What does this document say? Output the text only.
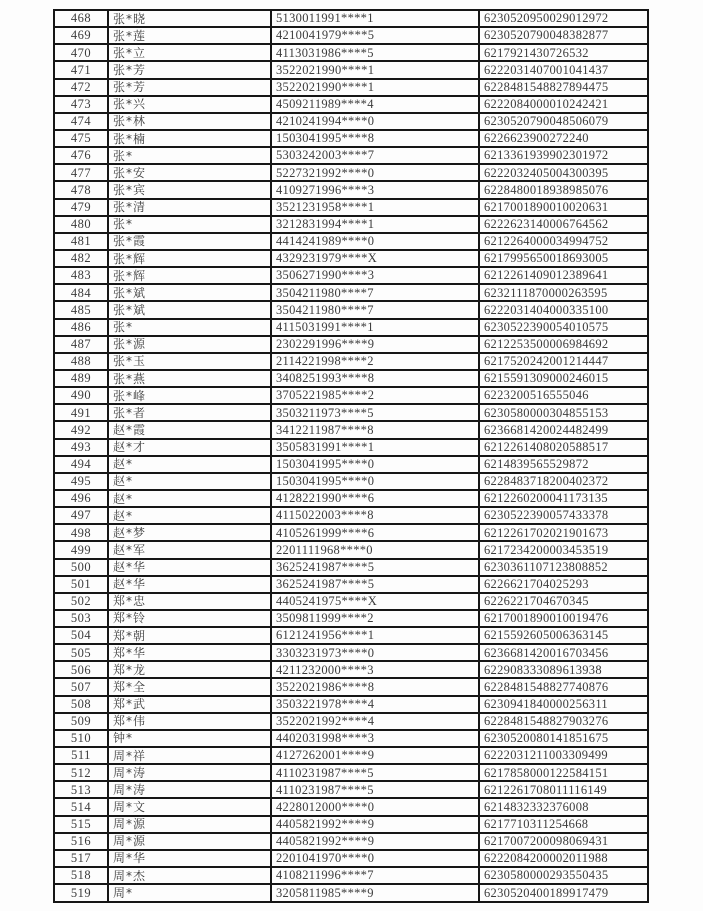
468	张*晓	5130011991****1	6230520950029012972
469	张*莲	4210041979****5	6230520790048382877
470	张*立	4113031986****5	6217921430726532
471	张*芳	3522021990****1	6222031407001041437
472	张*芳	3522021990****1	6228481548827894475
473	张*兴	4509211989****4	6222084000010242421
474	张*林	4210241994****0	6230520790048506079
475	张*楠	1503041995****8	6226623900272240
476	张*	5303242003****7	6213361939902301972
477	张*安	5227321992****0	6222032405004300395
478	张*宾	4109271996****3	6228480018938985076
479	张*清	3521231958****1	6217001890010020631
480	张*	3212831994****1	6222623140006764562
481	张*霞	4414241989****0	6212264000034994752
482	张*辉	4329231979****X	6217995650018693005
483	张*辉	3506271990****3	6212261409012389641
484	张*斌	3504211980****7	6232111870000263595
485	张*斌	3504211980****7	6222031404000335100
486	张*	4115031991****1	6230522390054010575
487	张*源	2302291996****9	6212253500006984692
488	张*玉	2114221998****2	6217520242001214447
489	张*燕	3408251993****8	6215591309000246015
490	张*峰	3705221985****2	6223200516555046
491	张*者	3503211973****5	6230580000304855153
492	赵*霞	3412211987****8	6236681420024482499
493	赵*才	3505831991****1	6212261408020588517
494	赵*	1503041995****0	6214839565529872
495	赵*	1503041995****0	6228483718200402372
496	赵*	4128221990****6	6212260200041173135
497	赵*	4115022003****8	6230522390057433378
498	赵*梦	4105261999****6	6212261702021901673
499	赵*军	2201111968****0	6217234200003453519
500	赵*华	3625241987****5	6230361107123808852
501	赵*华	3625241987****5	6226621704025293
502	郑*忠	4405241975****X	6226221704670345
503	郑*铃	3509811999****2	6217001890010019476
504	郑*朝	6121241956****1	6215592605006363145
505	郑*华	3303231973****0	6236681420016703456
506	郑*龙	4211232000****3	622908333089613938
507	郑*全	3522021986****8	6228481548827740876
508	郑*武	3503221978****4	6230941840000256311
509	郑*伟	3522021992****4	6228481548827903276
510	钟*	4402031998****3	6230520080141851675
511	周*祥	4127262001****9	6222031211003309499
512	周*涛	4110231987****5	6217858000122584151
513	周*涛	4110231987****5	6212261708011116149
514	周*文	4228012000****0	6214832332376008
515	周*源	4405821992****9	6217710311254668
516	周*源	4405821992****9	6217007200098069431
517	周*华	2201041970****0	6222084200002011988
518	周*杰	4108211996****7	6230580000293550435
519	周*	3205811985****9	6230520400189917479
